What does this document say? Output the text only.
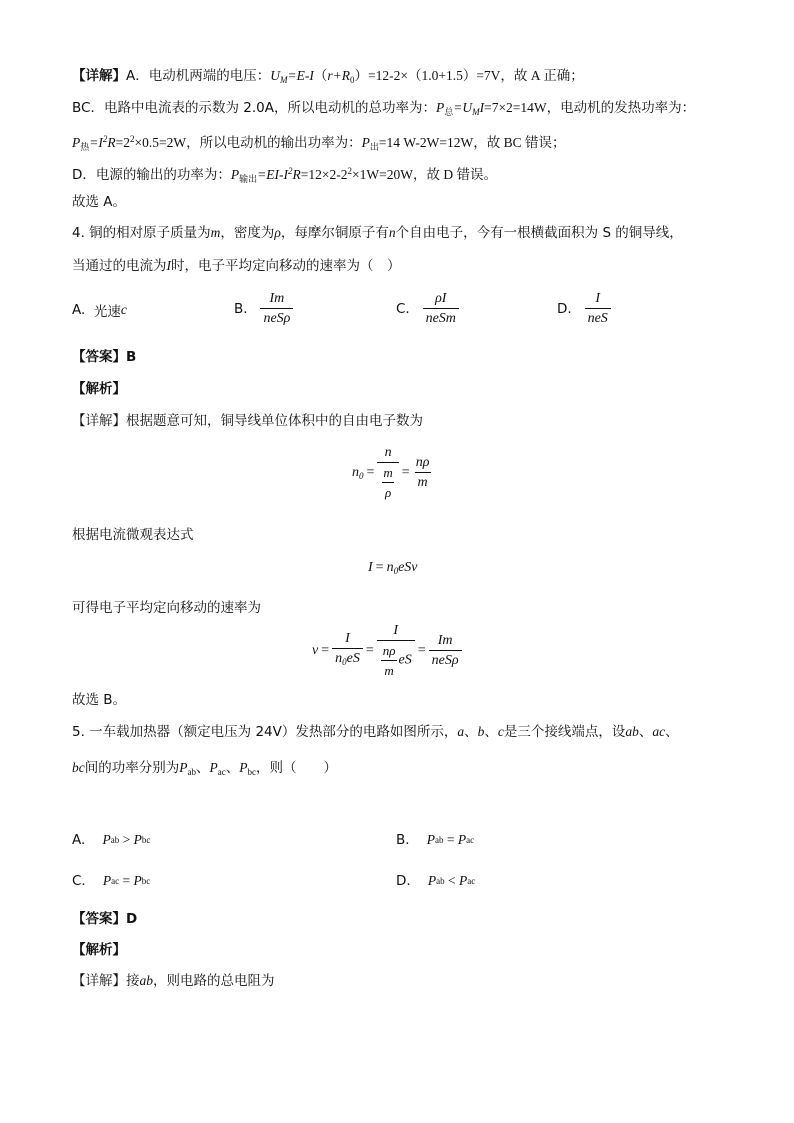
【详解】A．电动机两端的电压：$U_M=E-I(r+R_0)=12-2\times(1.0+1.5)=7V$，故 A 正确；
BC．电路中电流表的示数为 2.0A，所以电动机的总功率为：$P_总=U_MI=7\times 2=14W$，电动机的发热功率为：
$P_热=I^2R=2^2\times 0.5=2W$，所以电动机的输出功率为：$P_出=14$ W-2W=12W，故 BC 错误；
D．电源的输出的功率为：$P_{输出}=EI-I^2R=12\times 2-2^2\times 1W=20W$，故 D 错误。
故选 A。
4. 铜的相对原子质量为m，密度为ρ，每摩尔铜原子有n个自由电子，今有一根横截面积为 S 的铜导线，
当通过的电流为I时，电子平均定向移动的速率为（　）
A.
光速 c	B.
$\frac{Im}{\text{neSρ}}$	C.
$\frac{\rho I}{\text{neSm}}$	D.
$\frac{I}{\text{neS}}$
【答案】B
【解析】
【详解】根据题意可知，铜导线单位体积中的自由电子数为
$n_0 = \frac{n}{\frac{m}{\rho}} = \frac{n\rho}{m}$
根据电流微观表达式
$I = n_0eSv$
可得电子平均定向移动的速率为
$v = \frac{I}{n_0eS} = \frac{I}{\frac{n\rho}{m} eS} = \frac{Im}{\text{neSρ}}$
故选 B。
5. 一车载加热器（额定电压为 24V）发热部分的电路如图所示，a、b、c是三个接线端点，设ab、ac、
bc间的功率分别为$P_{ab}$、$P_{ac}$、$P_{bc}$，则（　　）
A.
P ab > P bc	B.
P ab = P ac
C.
P ac = P bc	D.
P ab < P ac
【答案】D
【解析】
【详解】接ab，则电路的总电阻为
